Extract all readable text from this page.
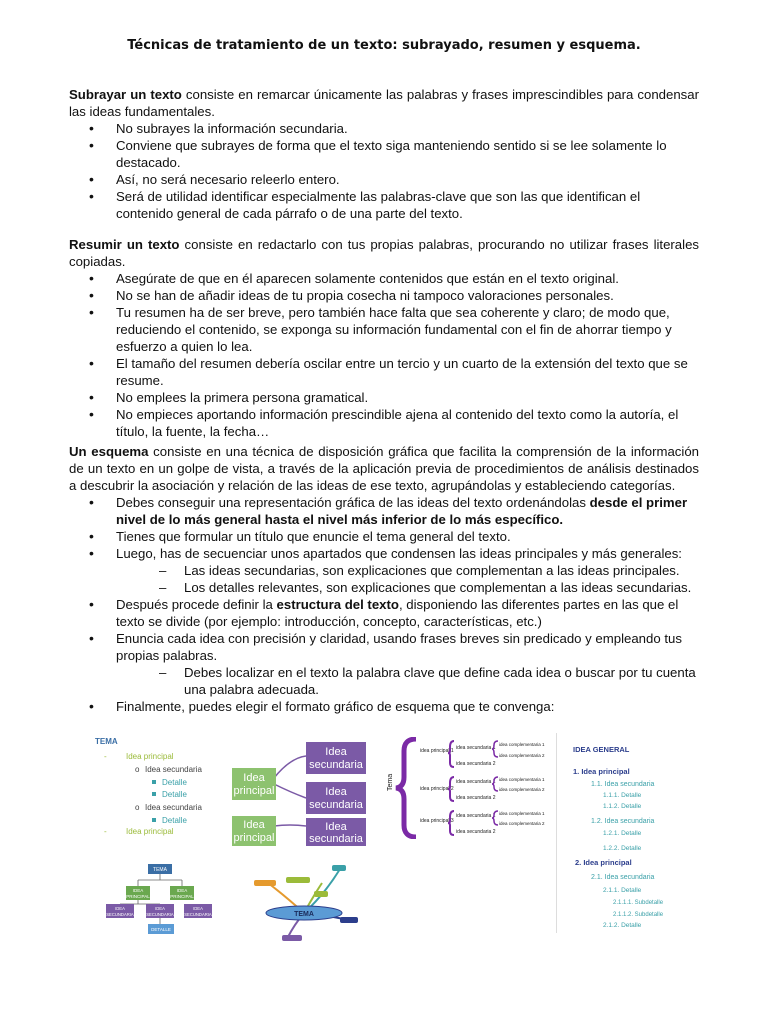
Técnicas de tratamiento de un texto: subrayado, resumen y esquema.

Subrayar un texto consiste en remarcar únicamente las palabras y frases imprescindibles para condensar las ideas fundamentales.

• No subrayes la información secundaria.
• Conviene que subrayes de forma que el texto siga manteniendo sentido si se lee solamente lo destacado.
• Así, no será necesario releerlo entero.
• Será de utilidad identificar especialmente las palabras-clave que son las que identifican el contenido general de cada párrafo o de una parte del texto.

Resumir un texto consiste en redactarlo con tus propias palabras, procurando no utilizar frases literales copiadas.

• Asegúrate de que en él aparecen solamente contenidos que están en el texto original.
• No se han de añadir ideas de tu propia cosecha ni tampoco valoraciones personales.
• Tu resumen ha de ser breve, pero también hace falta que sea coherente y claro; de modo que, reduciendo el contenido, se exponga su información fundamental con el fin de ahorrar tiempo y esfuerzo a quien lo lea.
• El tamaño del resumen debería oscilar entre un tercio y un cuarto de la extensión del texto que se resume.
• No emplees la primera persona gramatical.
• No empieces aportando información prescindible ajena al contenido del texto como la autoría, el título, la fuente, la fecha…

Un esquema consiste en una técnica de disposición gráfica que facilita la comprensión de la información de un texto en un golpe de vista, a través de la aplicación previa de procedimientos de análisis destinados a descubrir la asociación y relación de las ideas de ese texto, agrupándolas y estableciendo categorías.

• Debes conseguir una representación gráfica de las ideas del texto ordenándolas desde el primer nivel de lo más general hasta el nivel más inferior de lo más específico.
• Tienes que formular un título que enuncie el tema general del texto.
• Luego, has de secuenciar unos apartados que condensen las ideas principales y más generales:
– Las ideas secundarias, son explicaciones que complementan a las ideas principales.
– Los detalles relevantes, son explicaciones que complementan a las ideas secundarias.
• Después procede definir la estructura del texto, disponiendo las diferentes partes en las que el texto se divide (por ejemplo: introducción, concepto, características, etc.)
• Enuncia cada idea con precisión y claridad, usando frases breves sin predicado y empleando tus propias palabras.
– Debes localizar en el texto la palabra clave que define cada idea o buscar por tu cuenta una palabra adecuada.
• Finalmente, puedes elegir el formato gráfico de esquema que te convenga:
TEMA
- Idea principal
o Idea secundaria
Detalle
Detalle
o Idea secundaria
Detalle
- Idea principal
Idea
principal
Idea
secundaria
Idea
secundaria
Idea
principal
Idea
secundaria
Tema
idea principal 1
idea principal 2
idea principal 3
idea secundaria 1
idea secundaria 2
idea secundaria 1
idea secundaria 2
idea secundaria 1
idea secundaria 2
idea complementaria 1
idea complementaria 2
idea complementaria 1
idea complementaria 2
idea complementaria 1
idea complementaria 2
IDEA GENERAL
1. Idea principal
1.1. Idea secundaria
1.1.1. Detalle
1.1.2. Detalle
1.2. Idea secundaria
1.2.1. Detalle
1.2.2. Detalle
2. Idea principal
2.1. Idea secundaria
2.1.1. Detalle
2.1.1.1. Subdetalle
2.1.1.2. Subdetalle
2.1.2. Detalle
TEMA
IDEA
PRINCIPAL
IDEA
PRINCIPAL
IDEA
SECUNDARIA
IDEA
SECUNDARIA
IDEA
SECUNDARIA
DETALLE
TEMA
